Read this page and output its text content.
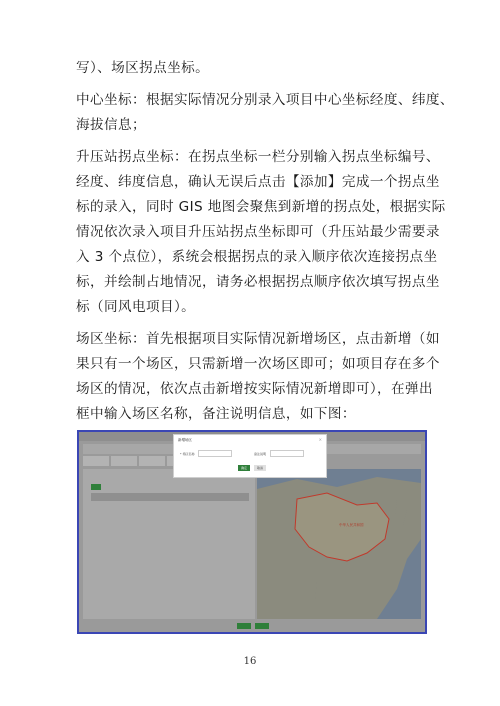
写）、场区拐点坐标。
中心坐标：根据实际情况分别录入项目中心坐标经度、纬度、
海拔信息；
升压站拐点坐标：在拐点坐标一栏分别输入拐点坐标编号、
经度、纬度信息，确认无误后点击【添加】完成一个拐点坐
标的录入，同时 GIS 地图会聚焦到新增的拐点处，根据实际
情况依次录入项目升压站拐点坐标即可（升压站最少需要录
入 3 个点位），系统会根据拐点的录入顺序依次连接拐点坐
标，并绘制占地情况，请务必根据拐点顺序依次填写拐点坐
标（同风电项目）。
场区坐标：首先根据项目实际情况新增场区，点击新增（如
果只有一个场区，只需新增一次场区即可；如项目存在多个
场区的情况，依次点击新增按实际情况新增即可），在弹出
框中输入场区名称，备注说明信息，如下图：
中华人民共和国
新增场区	×
* 场区名称	备注说明
确定	取消
16
